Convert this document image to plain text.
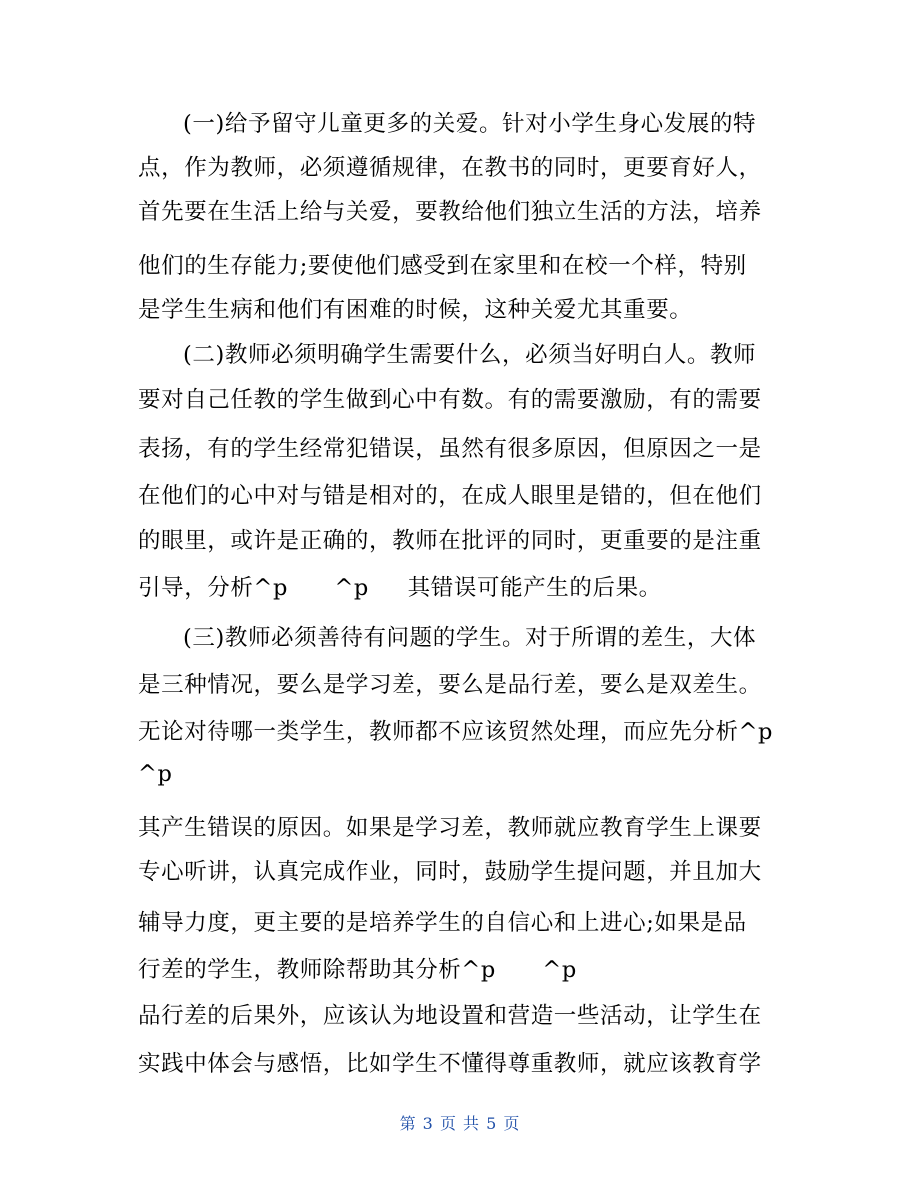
(一)给予留守儿童更多的关爱。针对小学生身心发展的特
点，作为教师，必须遵循规律，在教书的同时，更要育好人，
首先要在生活上给与关爱，要教给他们独立生活的方法，培养
他们的生存能力;要使他们感受到在家里和在校一个样，特别
是学生生病和他们有困难的时候，这种关爱尤其重要。
(二)教师必须明确学生需要什么，必须当好明白人。教师
要对自己任教的学生做到心中有数。有的需要激励，有的需要
表扬，有的学生经常犯错误，虽然有很多原因，但原因之一是
在他们的心中对与错是相对的，在成人眼里是错的，但在他们
的眼里，或许是正确的，教师在批评的同时，更重要的是注重
引导，分析^p      ^p     其错误可能产生的后果。
(三)教师必须善待有问题的学生。对于所谓的差生，大体
是三种情况，要么是学习差，要么是品行差，要么是双差生。
无论对待哪一类学生，教师都不应该贸然处理，而应先分析^p
^p
其产生错误的原因。如果是学习差，教师就应教育学生上课要
专心听讲，认真完成作业，同时，鼓励学生提问题，并且加大
辅导力度，更主要的是培养学生的自信心和上进心;如果是品
行差的学生，教师除帮助其分析^p      ^p
品行差的后果外，应该认为地设置和营造一些活动，让学生在
实践中体会与感悟，比如学生不懂得尊重教师，就应该教育学
第 3 页 共 5 页
